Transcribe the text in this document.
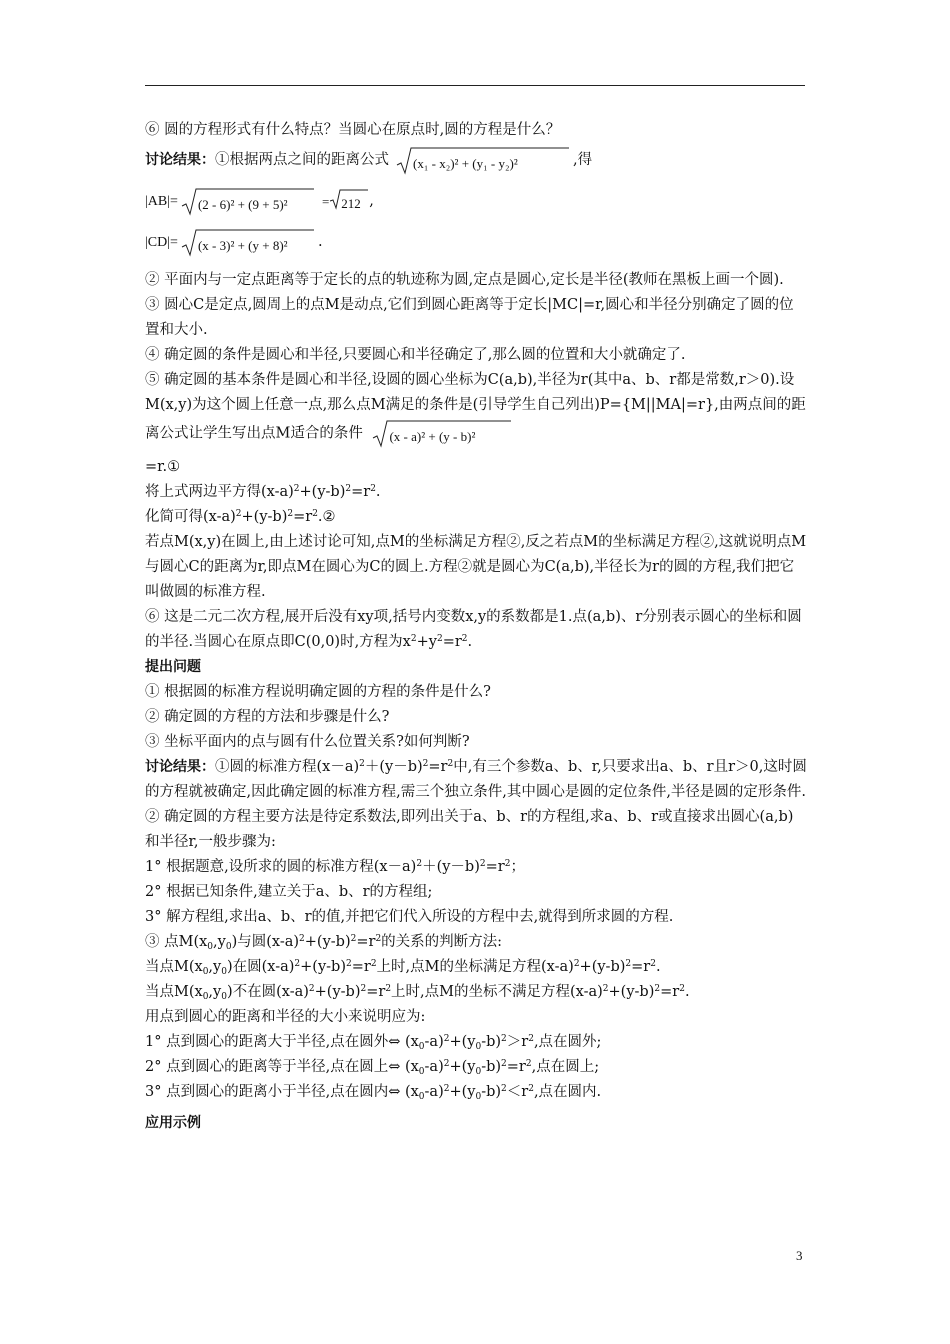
⑥ 圆的方程形式有什么特点？当圆心在原点时,圆的方程是什么？

讨论结果： ①根据两点之间的距离公式	(x₁ - x₂)² + (y₁ - y₂)²	,得
|AB|=	(2 - 6)² + (9 + 5)²	= 212 ,
|CD|=	(x - 3)² + (y + 8)²	.

② 平面内与一定点距离等于定长的点的轨迹称为圆,定点是圆心,定长是半径(教师在黑板上画一个圆).

③ 圆心C是定点,圆周上的点M是动点,它们到圆心距离等于定长|MC|=r,圆心和半径分别确定了圆的位置和大小.

④ 确定圆的条件是圆心和半径,只要圆心和半径确定了,那么圆的位置和大小就确定了.

⑤ 确定圆的基本条件是圆心和半径,设圆的圆心坐标为C(a,b),半径为r(其中a、b、r都是常数,r＞0).设M(x,y)为这个圆上任意一点,那么点M满足的条件是(引导学生自己列出)P={M||MA|=r},由两点间的距离公式让学生写出点M适合的条件 (x - a)² + (y - b)²

=r.①

将上式两边平方得$(x-a)^2+(y-b)^2=r^2$.

化简可得$(x-a)^2+(y-b)^2=r^2.②$

若点M(x,y)在圆上,由上述讨论可知,点M的坐标满足方程②,反之若点M的坐标满足方程②,这就说明点M与圆心C的距离为r,即点M在圆心为C的圆上.方程②就是圆心为C(a,b),半径长为r的圆的方程,我们把它叫做圆的标准方程.

⑥ 这是二元二次方程,展开后没有xy项,括号内变数x,y的系数都是1.点(a,b)、r分别表示圆心的坐标和圆的半径.当圆心在原点即C(0,0)时,方程为$x^2+y^2=r^2$.

提出问题

① 根据圆的标准方程说明确定圆的方程的条件是什么?

② 确定圆的方程的方法和步骤是什么?

③ 坐标平面内的点与圆有什么位置关系?如何判断?

讨论结果：①圆的标准方程$(x-a)^2+(y-b)^2=r^2$中,有三个参数a、b、r,只要求出a、b、r且r＞0,这时圆的方程就被确定,因此确定圆的标准方程,需三个独立条件,其中圆心是圆的定位条件,半径是圆的定形条件.

② 确定圆的方程主要方法是待定系数法,即列出关于a、b、r的方程组,求a、b、r或直接求出圆心(a,b)和半径r,一般步骤为:

1° 根据题意,设所求的圆的标准方程$(x-a)^2+(y-b)^2=r^2$；

2° 根据已知条件,建立关于a、b、r的方程组;

3° 解方程组,求出a、b、r的值,并把它们代入所设的方程中去,就得到所求圆的方程.

③ 点$M(x_0,y_0)$与圆$(x-a)^2+(y-b)^2=r^2$的关系的判断方法:

当点$M(x_0,y_0)$在圆$(x-a)^2+(y-b)^2=r^2$上时,点M的坐标满足方程$(x-a)^2+(y-b)^2=r^2$.

当点$M(x_0,y_0)$不在圆$(x-a)^2+(y-b)^2=r^2$上时,点M的坐标不满足方程$(x-a)^2+(y-b)^2=r^2$.

用点到圆心的距离和半径的大小来说明应为:

1° 点到圆心的距离大于半径,点在圆外⇔ $(x_0-a)^2+(y_0-b)^2>r^2$,点在圆外;

2° 点到圆心的距离等于半径,点在圆上⇔ $(x_0-a)^2+(y_0-b)^2=r^2$,点在圆上;

3° 点到圆心的距离小于半径,点在圆内⇔ $(x_0-a)^2+(y_0-b)^2<r^2$,点在圆内.

应用示例

3
